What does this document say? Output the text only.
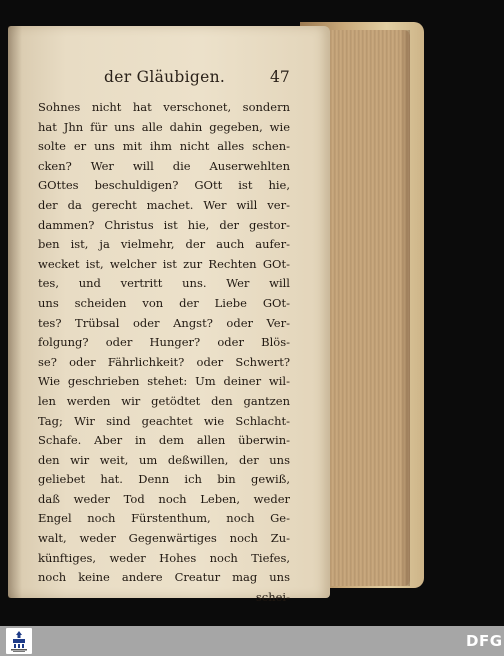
der Gläubigen.	47
Sohnes nicht hat verschonet, sondern
hat Jhn für uns alle dahin gegeben, wie
solte er uns mit ihm nicht alles schen-
cken? Wer will die Auserwehlten
GOttes beschuldigen? GOtt ist hie,
der da gerecht machet. Wer will ver-
dammen? Christus ist hie, der gestor-
ben ist, ja vielmehr, der auch aufer-
wecket ist, welcher ist zur Rechten GOt-
tes, und vertritt uns. Wer will
uns scheiden von der Liebe GOt-
tes? Trübsal oder Angst? oder Ver-
folgung? oder Hunger? oder Blös-
se? oder Fährlichkeit? oder Schwert?
Wie geschrieben stehet: Um deiner wil-
len werden wir getödtet den gantzen
Tag; Wir sind geachtet wie Schlacht-
Schafe. Aber in dem allen überwin-
den wir weit, um deßwillen, der uns
geliebet hat. Denn ich bin gewiß,
daß weder Tod noch Leben, weder
Engel noch Fürstenthum, noch Ge-
walt, weder Gegenwärtiges noch Zu-
künftiges, weder Hohes noch Tiefes,
noch keine andere Creatur mag uns
schei-
DFG
